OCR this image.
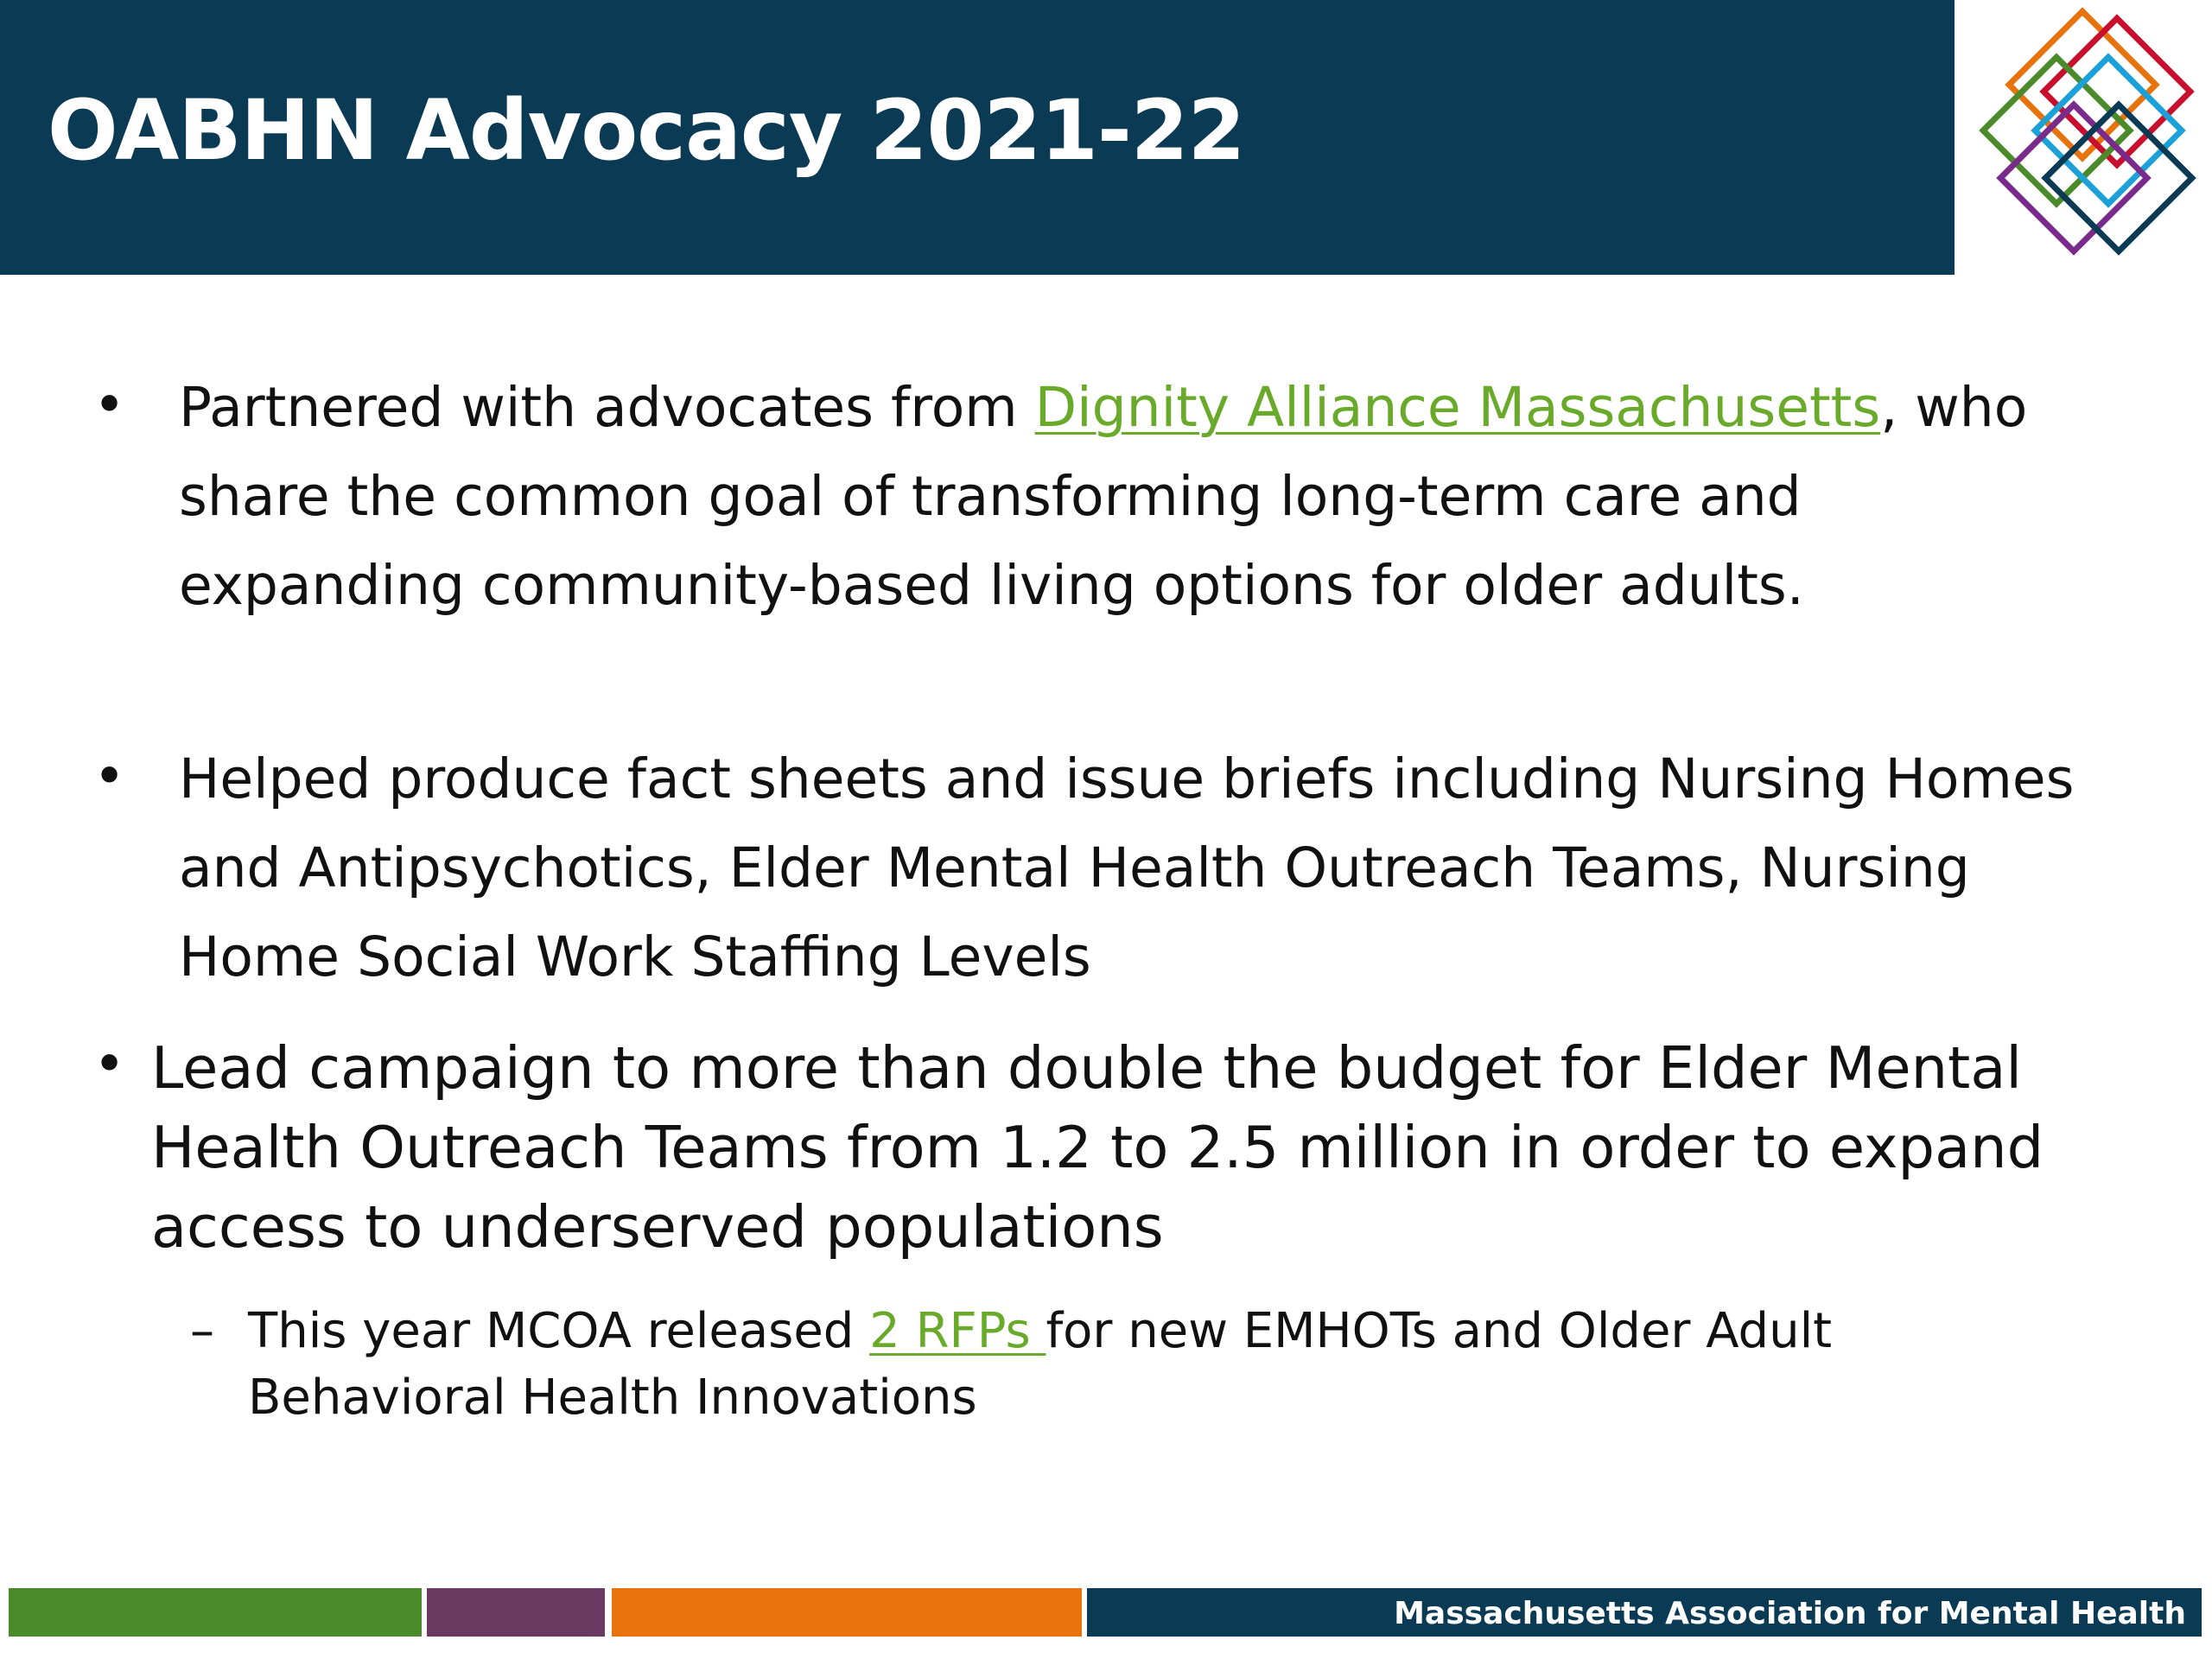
OABHN Advocacy 2021-22
• Partnered with advocates from Dignity Alliance Massachusetts, who share the common goal of transforming long-term care and expanding community-based living options for older adults.
• Helped produce fact sheets and issue briefs including Nursing Homes and Antipsychotics, Elder Mental Health Outreach Teams, Nursing Home Social Work Staffing Levels
• Lead campaign to more than double the budget for Elder Mental Health Outreach Teams from 1.2 to 2.5 million in order to expand access to underserved populations
– This year MCOA released 2 RFPs for new EMHOTs and Older Adult Behavioral Health Innovations
Massachusetts Association for Mental Health
